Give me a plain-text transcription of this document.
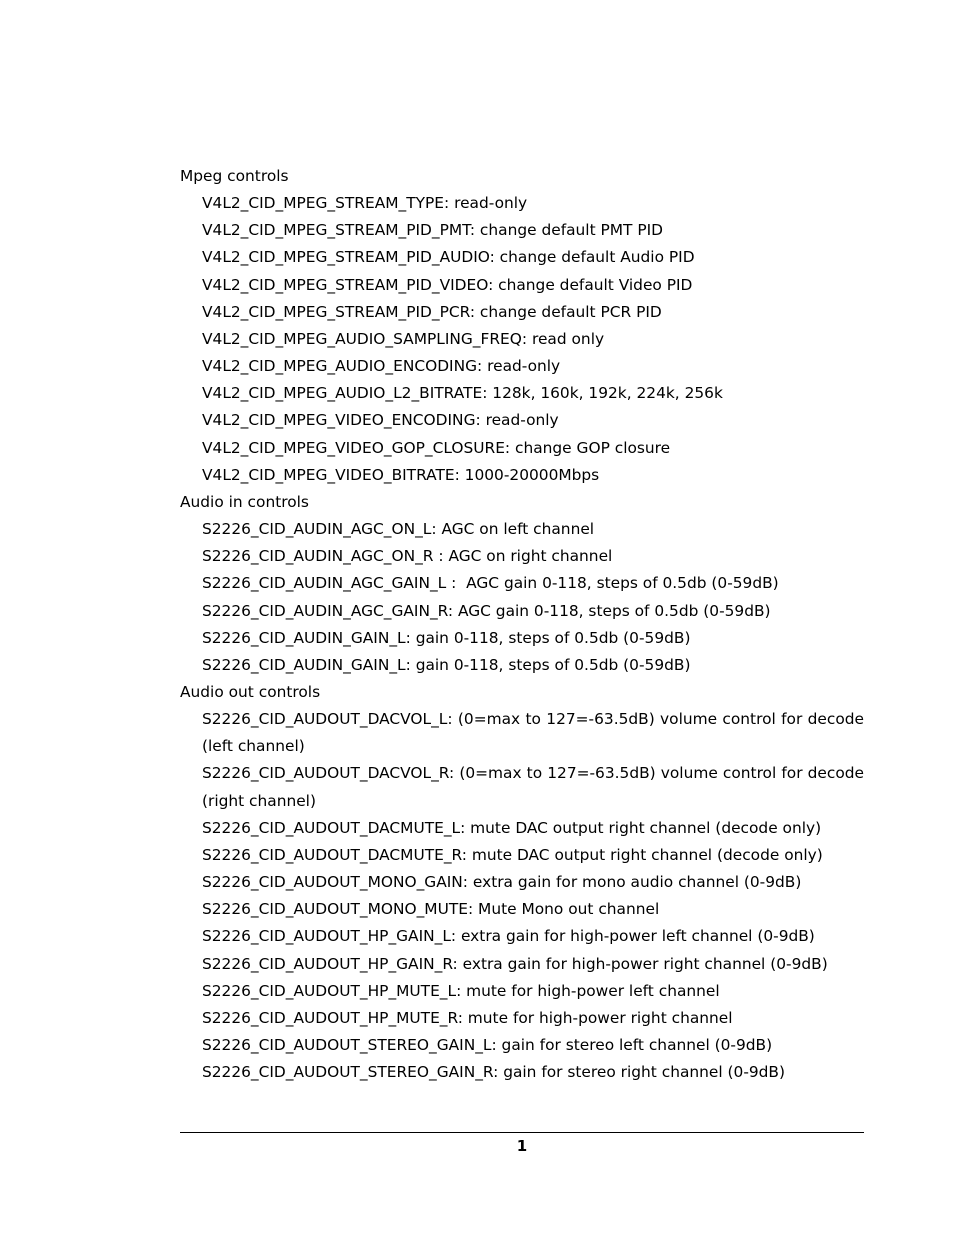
Mpeg controls

V4L2_CID_MPEG_STREAM_TYPE: read-only

V4L2_CID_MPEG_STREAM_PID_PMT: change default PMT PID

V4L2_CID_MPEG_STREAM_PID_AUDIO: change default Audio PID

V4L2_CID_MPEG_STREAM_PID_VIDEO: change default Video PID

V4L2_CID_MPEG_STREAM_PID_PCR: change default PCR PID

V4L2_CID_MPEG_AUDIO_SAMPLING_FREQ: read only

V4L2_CID_MPEG_AUDIO_ENCODING: read-only

V4L2_CID_MPEG_AUDIO_L2_BITRATE: 128k, 160k, 192k, 224k, 256k

V4L2_CID_MPEG_VIDEO_ENCODING: read-only

V4L2_CID_MPEG_VIDEO_GOP_CLOSURE: change GOP closure

V4L2_CID_MPEG_VIDEO_BITRATE: 1000-20000Mbps

Audio in controls

S2226_CID_AUDIN_AGC_ON_L: AGC on left channel

S2226_CID_AUDIN_AGC_ON_R : AGC on right channel

S2226_CID_AUDIN_AGC_GAIN_L :  AGC gain 0-118, steps of 0.5db (0-59dB)

S2226_CID_AUDIN_AGC_GAIN_R: AGC gain 0-118, steps of 0.5db (0-59dB)

S2226_CID_AUDIN_GAIN_L: gain 0-118, steps of 0.5db (0-59dB)

S2226_CID_AUDIN_GAIN_L: gain 0-118, steps of 0.5db (0-59dB)

Audio out controls

S2226_CID_AUDOUT_DACVOL_L: (0=max to 127=-63.5dB) volume control for decode (left channel)

S2226_CID_AUDOUT_DACVOL_R: (0=max to 127=-63.5dB) volume control for decode (right channel)

S2226_CID_AUDOUT_DACMUTE_L: mute DAC output right channel (decode only)

S2226_CID_AUDOUT_DACMUTE_R: mute DAC output right channel (decode only)

S2226_CID_AUDOUT_MONO_GAIN: extra gain for mono audio channel (0-9dB)

S2226_CID_AUDOUT_MONO_MUTE: Mute Mono out channel

S2226_CID_AUDOUT_HP_GAIN_L: extra gain for high-power left channel (0-9dB)

S2226_CID_AUDOUT_HP_GAIN_R: extra gain for high-power right channel (0-9dB)

S2226_CID_AUDOUT_HP_MUTE_L: mute for high-power left channel

S2226_CID_AUDOUT_HP_MUTE_R: mute for high-power right channel

S2226_CID_AUDOUT_STEREO_GAIN_L: gain for stereo left channel (0-9dB)

S2226_CID_AUDOUT_STEREO_GAIN_R: gain for stereo right channel (0-9dB)

1
